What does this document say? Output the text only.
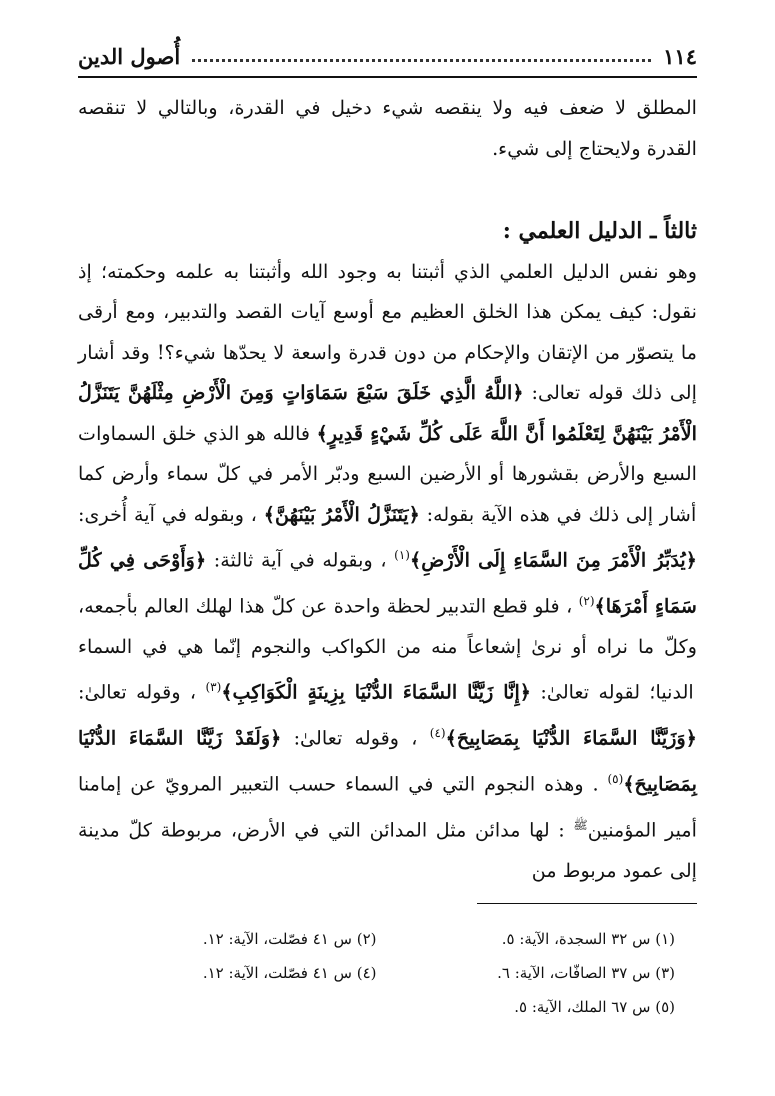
١١٤
أُصول الدين

المطلق لا ضعف فيه ولا ينقصه شيء دخيل في القدرة، وبالتالي لا تنقصه القدرة ولايحتاج إلى شيء.

ثالثاً ـ الدليل العلمي :

وهو نفس الدليل العلمي الذي أثبتنا به وجود الله وأثبتنا به علمه وحكمته؛ إذ نقول: كيف يمكن هذا الخلق العظيم مع أوسع آيات القصد والتدبير، ومع أرقى ما يتصوّر من الإتقان والإحكام من دون قدرة واسعة لا يحدّها شيء؟! وقد أشار إلى ذلك قوله تعالى: ﴿اللَّهُ الَّذِي خَلَقَ سَبْعَ سَمَاوَاتٍ وَمِنَ الْأَرْضِ مِثْلَهُنَّ يَتَنَزَّلُ الْأَمْرُ بَيْنَهُنَّ لِتَعْلَمُوا أَنَّ اللَّهَ عَلَى كُلِّ شَيْءٍ قَدِيرٍ﴾ فالله هو الذي خلق السماوات السبع والأرض بقشورها أو الأرضين السبع ودبّر الأمر في كلّ سماء وأرض كما أشار إلى ذلك في هذه الآية بقوله: ﴿يَتَنَزَّلُ الْأَمْرُ بَيْنَهُنَّ﴾ ، وبقوله في آية أُخرى: ﴿يُدَبِّرُ الْأَمْرَ مِنَ السَّمَاءِ إِلَى الْأَرْضِ﴾$^{(١)}$ ، وبقوله في آية ثالثة: ﴿وَأَوْحَى فِي كُلِّ سَمَاءٍ أَمْرَهَا﴾$^{(٢)}$ ، فلو قطع التدبير لحظة واحدة عن كلّ هذا لهلك العالم بأجمعه، وكلّ ما نراه أو نرىٰ إشعاعاً منه من الكواكب والنجوم إنّما هي في السماء الدنيا؛ لقوله تعالىٰ: ﴿إِنَّا زَيَّنَّا السَّمَاءَ الدُّنْيَا بِزِينَةٍ الْكَوَاكِبِ﴾$^{(٣)}$ ، وقوله تعالىٰ: ﴿وَزَيَّنَّا السَّمَاءَ الدُّنْيَا بِمَصَابِيحَ﴾$^{(٤)}$ ، وقوله تعالىٰ: ﴿وَلَقَدْ زَيَّنَّا السَّمَاءَ الدُّنْيَا بِمَصَابِيحَ﴾$^{(٥)}$ . وهذه النجوم التي في السماء حسب التعبير المرويّ عن إمامنا أمير المؤمنين$^ﷺ$ : لها مدائن مثل المدائن التي في الأرض، مربوطة كلّ مدينة إلى عمود مربوط من

(١) س ٣٢ السجدة، الآية: ٥.
(٢) س ٤١ فصّلت، الآية: ١٢.
(٣) س ٣٧ الصافّات، الآية: ٦.
(٤) س ٤١ فصّلت، الآية: ١٢.
(٥) س ٦٧ الملك، الآية: ٥.
